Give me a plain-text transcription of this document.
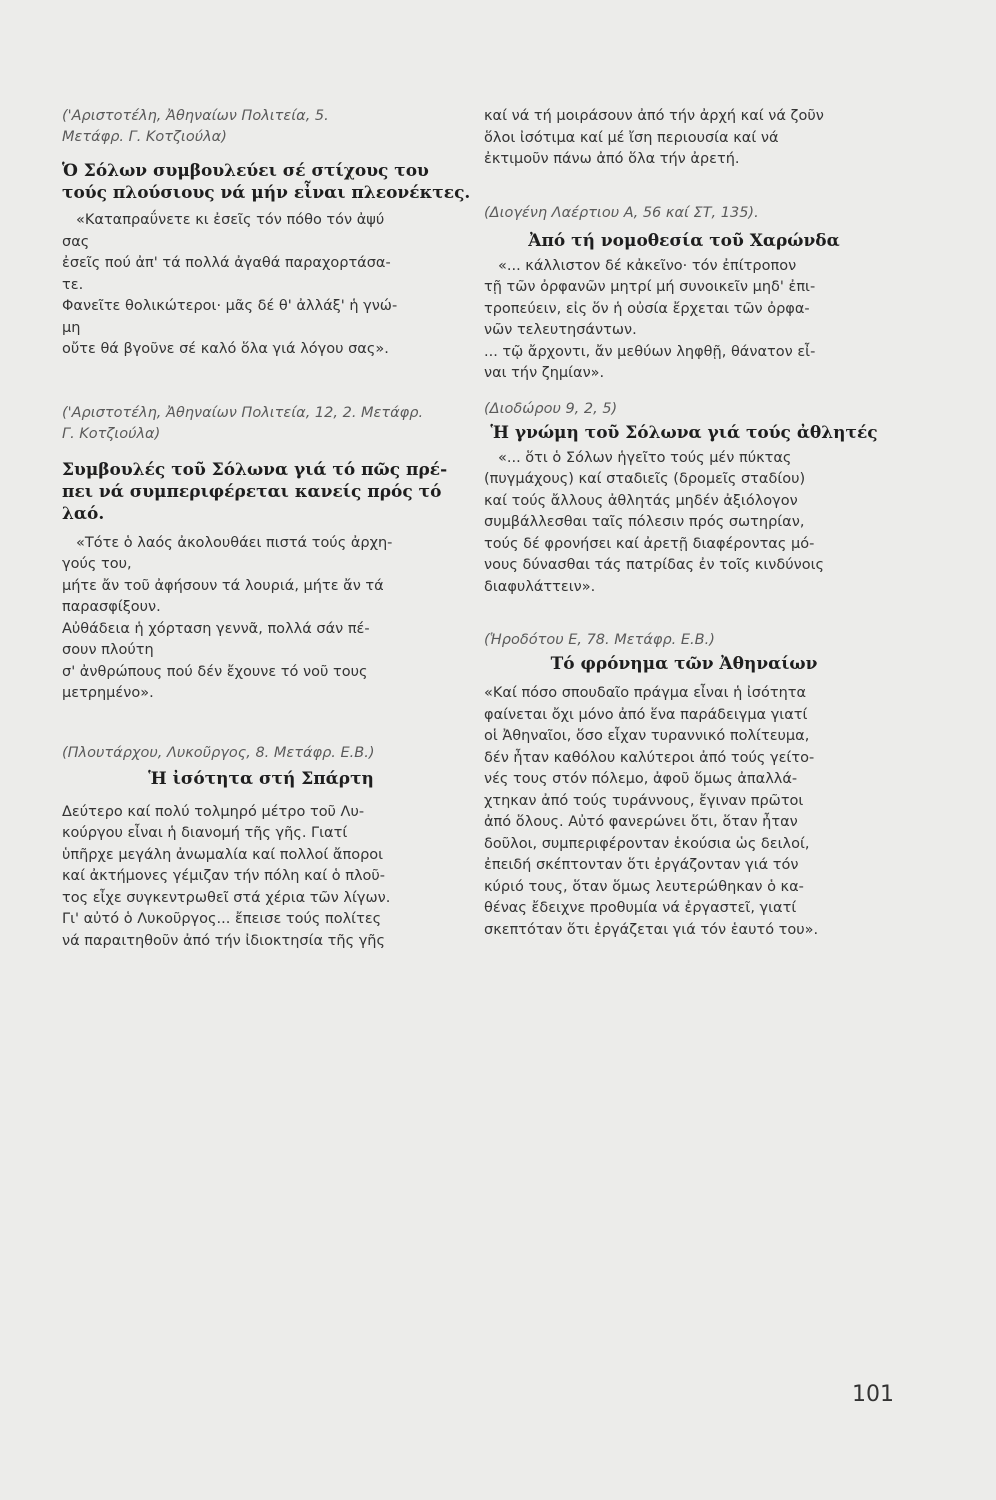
('Αριστοτέλη, Ἀθηναίων Πολιτεία, 5.
Μετάφρ. Γ. Κοτζιούλα)

Ὁ Σόλων συμβουλεύει σέ στίχους του
τούς πλούσιους νά μήν εἶναι πλεονέκτες.

«Καταπραΰνετε κι ἐσεῖς τόν πόθο τόν ἀψύ
σας
ἐσεῖς πού ἀπ' τά πολλά ἀγαθά παραχορτάσα-
τε.
Φανεῖτε θολικώτεροι· μᾶς δέ θ' ἀλλάξ' ἡ γνώ-
μη
οὔτε θά βγοῦνε σέ καλό ὅλα γιά λόγου σας».

('Αριστοτέλη, Ἀθηναίων Πολιτεία, 12, 2. Μετάφρ.
Γ. Κοτζιούλα)

Συμβουλές τοῦ Σόλωνα γιά τό πῶς πρέ-
πει νά συμπεριφέρεται κανείς πρός τό
λαό.

«Τότε ὁ λαός ἀκολουθάει πιστά τούς ἀρχη-
γούς του,
μήτε ἄν τοῦ ἀφήσουν τά λουριά, μήτε ἄν τά
παρασφίξουν.
Αὐθάδεια ἡ χόρταση γεννᾶ, πολλά σάν πέ-
σουν πλούτη
σ' ἀνθρώπους πού δέν ἔχουνε τό νοῦ τους
μετρημένο».

(Πλουτάρχου, Λυκοῦργος, 8. Μετάφρ. Ε.Β.)

Ἡ ἰσότητα στή Σπάρτη

Δεύτερο καί πολύ τολμηρό μέτρο τοῦ Λυ-
κούργου εἶναι ἡ διανομή τῆς γῆς. Γιατί
ὑπῆρχε μεγάλη ἀνωμαλία καί πολλοί ἄποροι
καί ἀκτήμονες γέμιζαν τήν πόλη καί ὁ πλοῦ-
τος εἶχε συγκεντρωθεῖ στά χέρια τῶν λίγων.
Γι' αὐτό ὁ Λυκοῦργος... ἔπεισε τούς πολίτες
νά παραιτηθοῦν ἀπό τήν ἰδιοκτησία τῆς γῆς

καί νά τή μοιράσουν ἀπό τήν ἀρχή καί νά ζοῦν
ὅλοι ἰσότιμα καί μέ ἴση περιουσία καί νά
ἐκτιμοῦν πάνω ἀπό ὅλα τήν ἀρετή.

(Διογένη Λαέρτιου Α, 56 καί ΣΤ, 135).

Ἀπό τή νομοθεσία τοῦ Χαρώνδα

«... κάλλιστον δέ κἀκεῖνο· τόν ἐπίτροπον
τῇ τῶν ὀρφανῶν μητρί μή συνοικεῖν μηδ' ἐπι-
τροπεύειν, εἰς ὅν ἡ οὐσία ἔρχεται τῶν ὀρφα-
νῶν τελευτησάντων.
... τῷ ἄρχοντι, ἄν μεθύων ληφθῇ, θάνατον εἶ-
ναι τήν ζημίαν».

(Διοδώρου 9, 2, 5)

Ἡ γνώμη τοῦ Σόλωνα γιά τούς ἀθλητές

«... ὅτι ὁ Σόλων ἡγεῖτο τούς μέν πύκτας
(πυγμάχους) καί σταδιεῖς (δρομεῖς σταδίου)
καί τούς ἄλλους ἀθλητάς μηδέν ἀξιόλογον
συμβάλλεσθαι ταῖς πόλεσιν πρός σωτηρίαν,
τούς δέ φρονήσει καί ἀρετῇ διαφέροντας μό-
νους δύνασθαι τάς πατρίδας ἐν τοῖς κινδύνοις
διαφυλάττειν».

(Ἡροδότου Ε, 78. Μετάφρ. Ε.Β.)

Τό φρόνημα τῶν Ἀθηναίων

«Καί πόσο σπουδαῖο πράγμα εἶναι ἡ ἰσότητα
φαίνεται ὄχι μόνο ἀπό ἕνα παράδειγμα γιατί
οἱ Ἀθηναῖοι, ὅσο εἶχαν τυραννικό πολίτευμα,
δέν ἦταν καθόλου καλύτεροι ἀπό τούς γείτο-
νές τους στόν πόλεμο, ἀφοῦ ὅμως ἀπαλλά-
χτηκαν ἀπό τούς τυράννους, ἔγιναν πρῶτοι
ἀπό ὅλους. Αὐτό φανερώνει ὅτι, ὅταν ἦταν
δοῦλοι, συμπεριφέρονταν ἑκούσια ὡς δειλοί,
ἐπειδή σκέπτονταν ὅτι ἐργάζονταν γιά τόν
κύριό τους, ὅταν ὅμως λευτερώθηκαν ὁ κα-
θένας ἔδειχνε προθυμία νά ἐργαστεῖ, γιατί
σκεπτόταν ὅτι ἐργάζεται γιά τόν ἑαυτό του».

101
